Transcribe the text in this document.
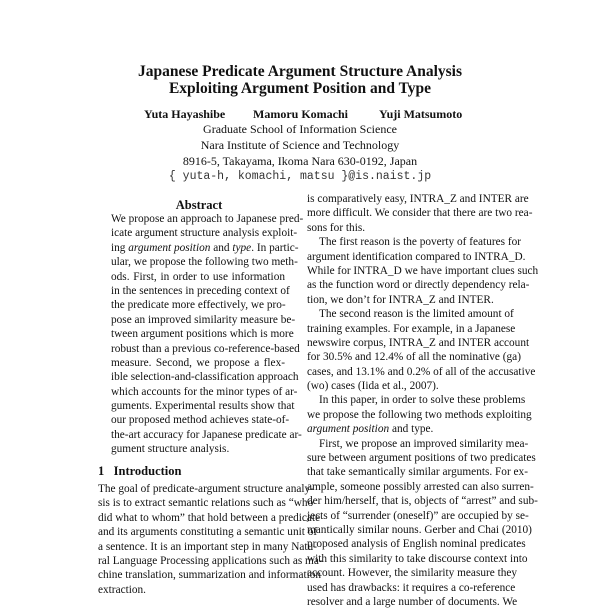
Japanese Predicate Argument Structure Analysis
Exploiting Argument Position and Type
Yuta Hayashibe Mamoru Komachi	Yuji Matsumoto
Graduate School of Information Science
Nara Institute of Science and Technology
8916-5, Takayama, Ikoma Nara 630-0192, Japan
{ yuta-h, komachi, matsu }@is.naist.jp
Abstract
We propose an approach to Japanese pred-
icate argument structure analysis exploit-
ing argument position and type. In partic-
ular, we propose the following two meth-
ods. First, in order to use information
in the sentences in preceding context of
the predicate more effectively, we pro-
pose an improved similarity measure be-
tween argument positions which is more
robust than a previous co-reference-based
measure. Second, we propose a flex-
ible selection-and-classification approach
which accounts for the minor types of ar-
guments. Experimental results show that
our proposed method achieves state-of-
the-art accuracy for Japanese predicate ar-
gument structure analysis.
1   Introduction
The goal of predicate-argument structure analy-
sis is to extract semantic relations such as “who
did what to whom” that hold between a predicate
and its arguments constituting a semantic unit of
a sentence. It is an important step in many Natu-
ral Language Processing applications such as ma-
chine translation, summarization and information
extraction.
is comparatively easy, INTRA_Z and INTER are
more difficult. We consider that there are two rea-
sons for this.
The first reason is the poverty of features for
argument identification compared to INTRA_D.
While for INTRA_D we have important clues such
as the function word or directly dependency rela-
tion, we don’t for INTRA_Z and INTER.
The second reason is the limited amount of
training examples. For example, in a Japanese
newswire corpus, INTRA_Z and INTER account
for 30.5% and 12.4% of all the nominative (ga)
cases, and 13.1% and 0.2% of all of the accusative
(wo) cases (Iida et al., 2007).
In this paper, in order to solve these problems
we propose the following two methods exploiting
argument position and type.
First, we propose an improved similarity mea-
sure between argument positions of two predicates
that take semantically similar arguments. For ex-
ample, someone possibly arrested can also surren-
der him/herself, that is, objects of “arrest” and sub-
jects of “surrender (oneself)” are occupied by se-
mantically similar nouns. Gerber and Chai (2010)
proposed analysis of English nominal predicates
with this similarity to take discourse context into
account. However, the similarity measure they
used has drawbacks: it requires a co-reference
resolver and a large number of documents. We
